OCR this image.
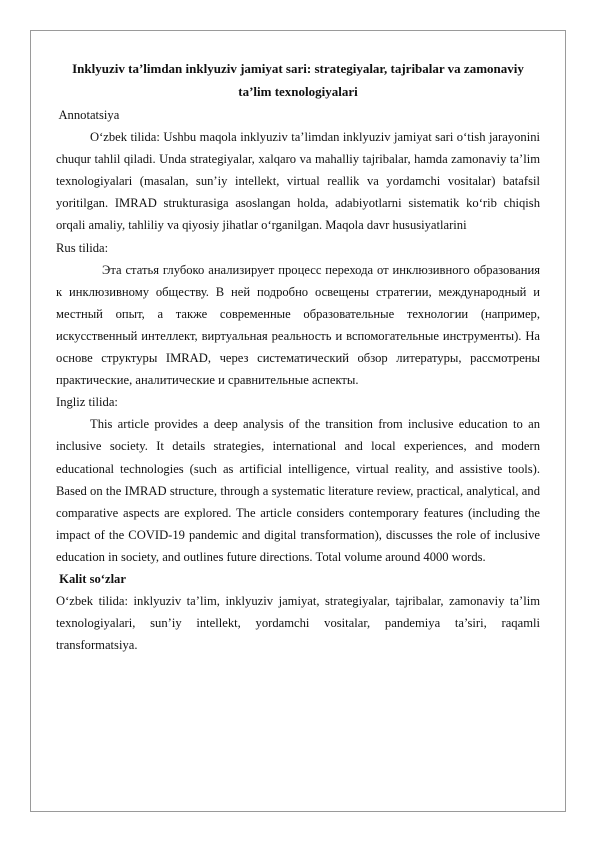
Inklyuziv ta’limdan inklyuziv jamiyat sari: strategiyalar, tajribalar va zamonaviy ta’lim texnologiyalari

Annotatsiya

O‘zbek tilida: Ushbu maqola inklyuziv ta’limdan inklyuziv jamiyat sari o‘tish jarayonini chuqur tahlil qiladi. Unda strategiyalar, xalqaro va mahalliy tajribalar, hamda zamonaviy ta’lim texnologiyalari (masalan, sun’iy intellekt, virtual reallik va yordamchi vositalar) batafsil yoritilgan. IMRAD strukturasiga asoslangan holda, adabiyotlarni sistematik ko‘rib chiqish orqali amaliy, tahliliy va qiyosiy jihatlar o‘rganilgan. Maqola davr hususiyatlarini

Rus tilida:

Эта статья глубоко анализирует процесс перехода от инклюзивного образования к инклюзивному обществу. В ней подробно освещены стратегии, международный и местный опыт, а также современные образовательные технологии (например, искусственный интеллект, виртуальная реальность и вспомогательные инструменты). На основе структуры IMRAD, через систематический обзор литературы, рассмотрены практические, аналитические и сравнительные аспекты.

Ingliz tilida:

This article provides a deep analysis of the transition from inclusive education to an inclusive society. It details strategies, international and local experiences, and modern educational technologies (such as artificial intelligence, virtual reality, and assistive tools). Based on the IMRAD structure, through a systematic literature review, practical, analytical, and comparative aspects are explored. The article considers contemporary features (including the impact of the COVID-19 pandemic and digital transformation), discusses the role of inclusive education in society, and outlines future directions. Total volume around 4000 words.

Kalit so‘zlar

O‘zbek tilida: inklyuziv ta’lim, inklyuziv jamiyat, strategiyalar, tajribalar, zamonaviy ta’lim texnologiyalari, sun’iy intellekt, yordamchi vositalar, pandemiya ta’siri, raqamli transformatsiya.
